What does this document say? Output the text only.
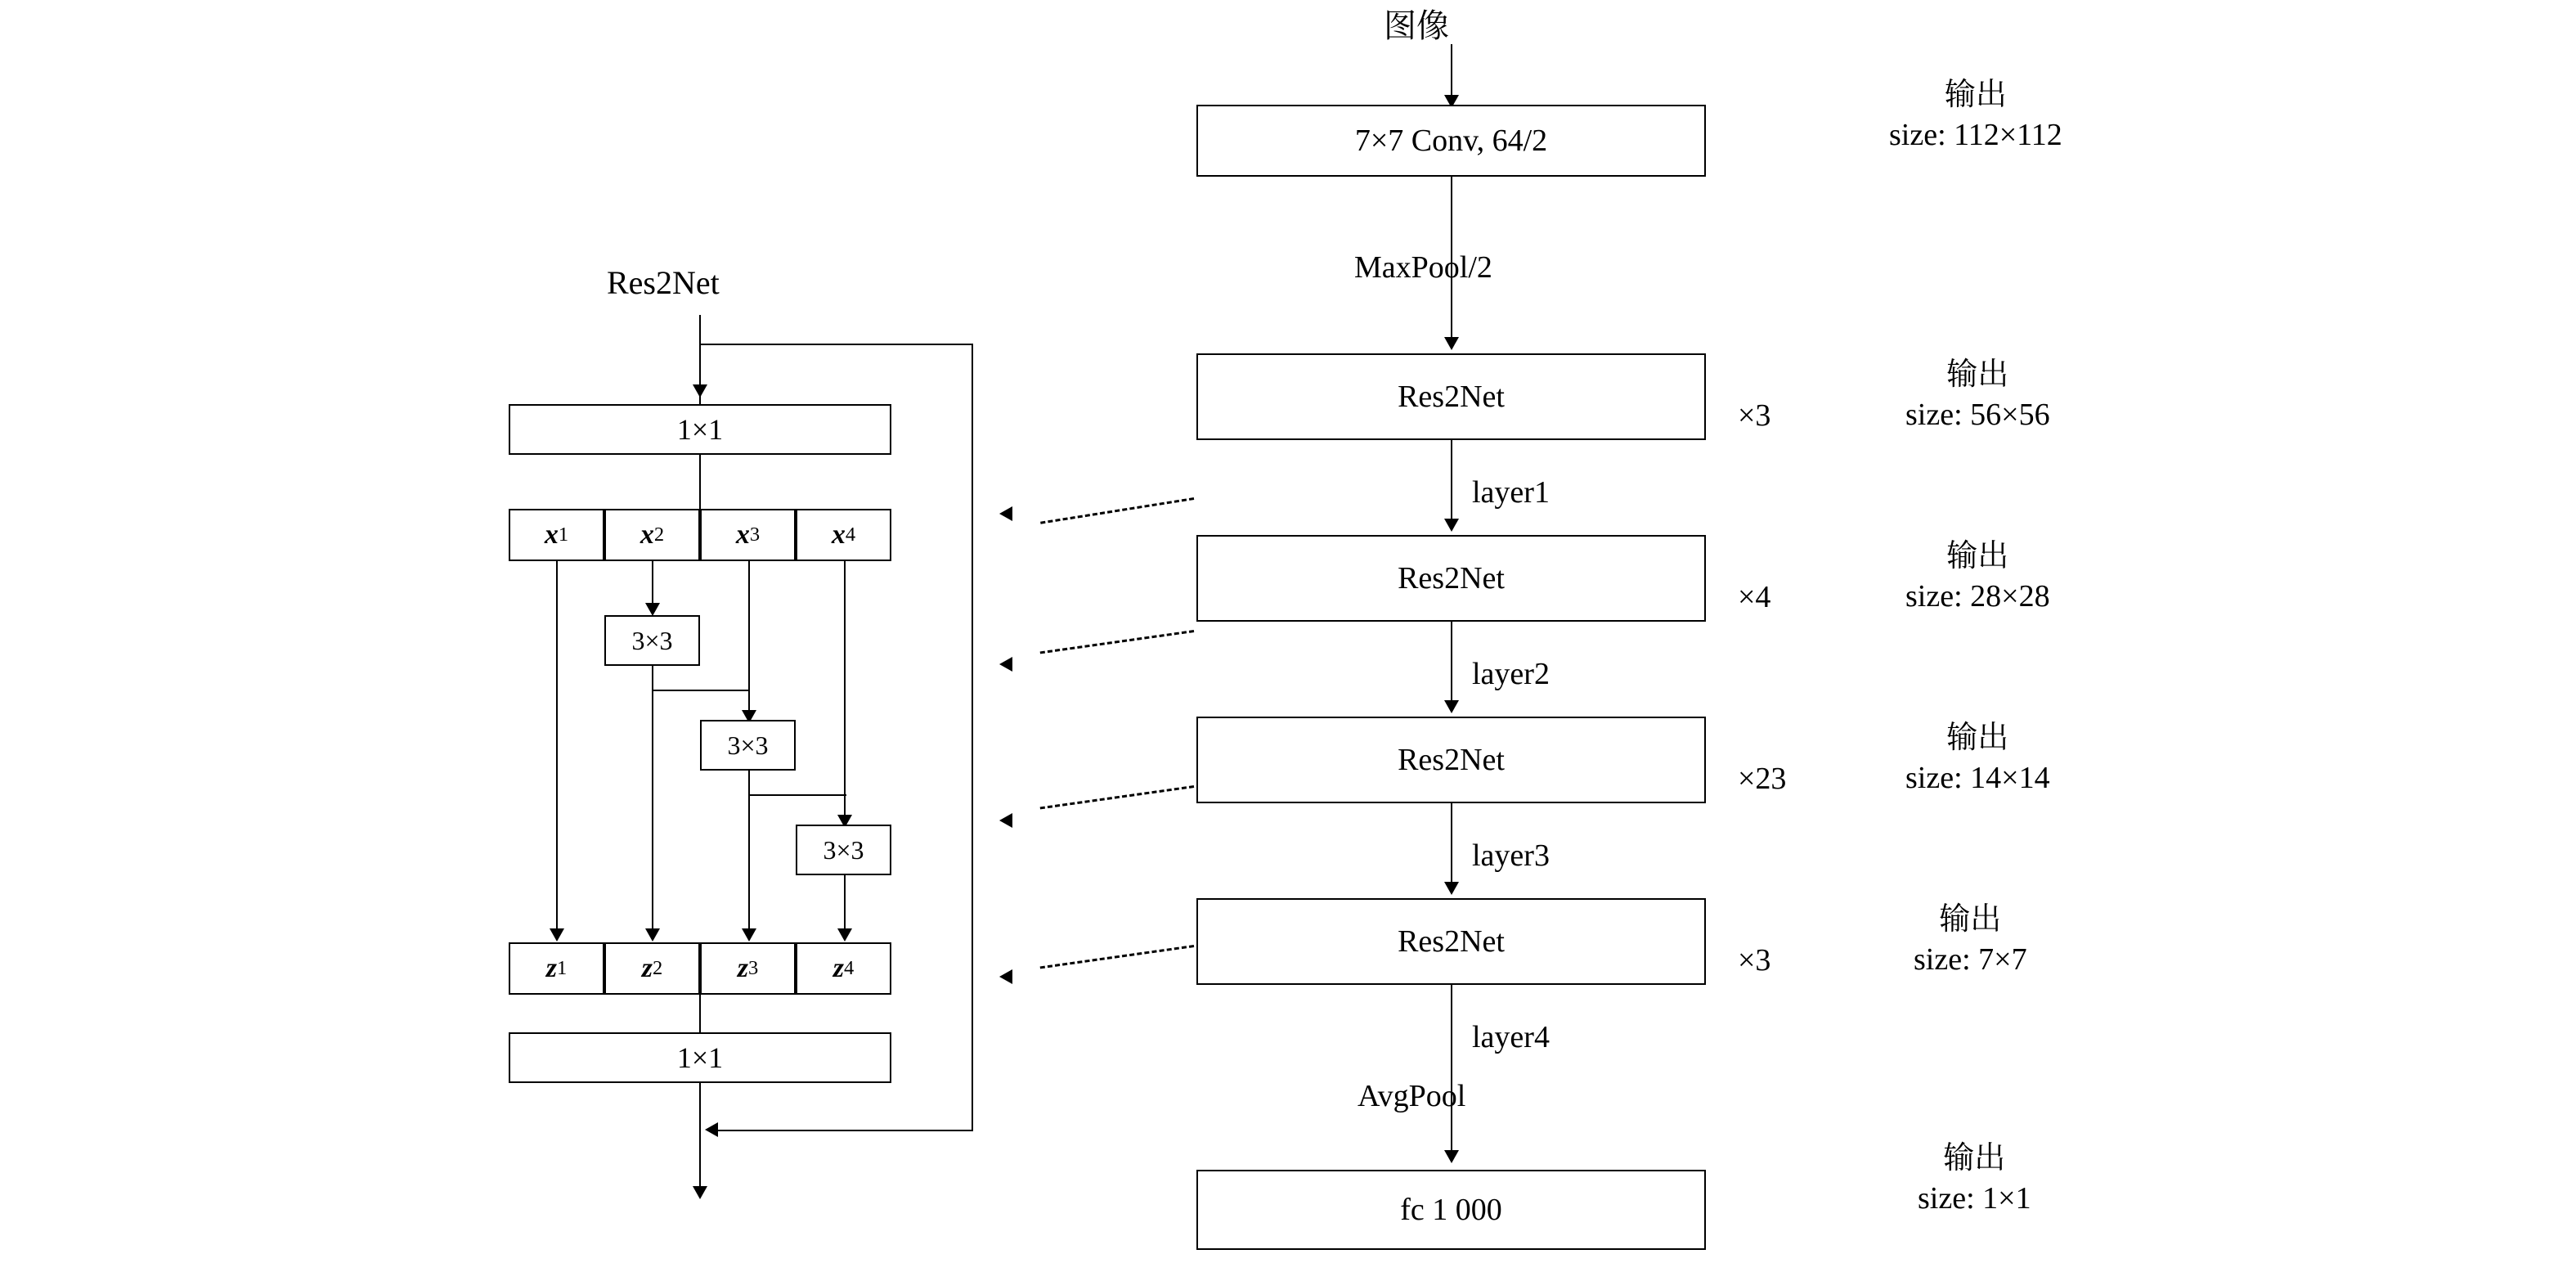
图像
7×7 Conv, 64/2
MaxPool/2
Res2Net
×3
layer1
Res2Net
×4
layer2
Res2Net
×23
layer3
Res2Net
×3
layer4
AvgPool
fc 1 000
输出
size: 112×112
输出
size: 56×56
输出
size: 28×28
输出
size: 14×14
输出
size: 7×7
输出
size: 1×1
Res2Net
1×1
x 1	x 2	x 3	x 4
3×3
3×3
3×3
z 1	z 2	z 3	z 4
1×1
